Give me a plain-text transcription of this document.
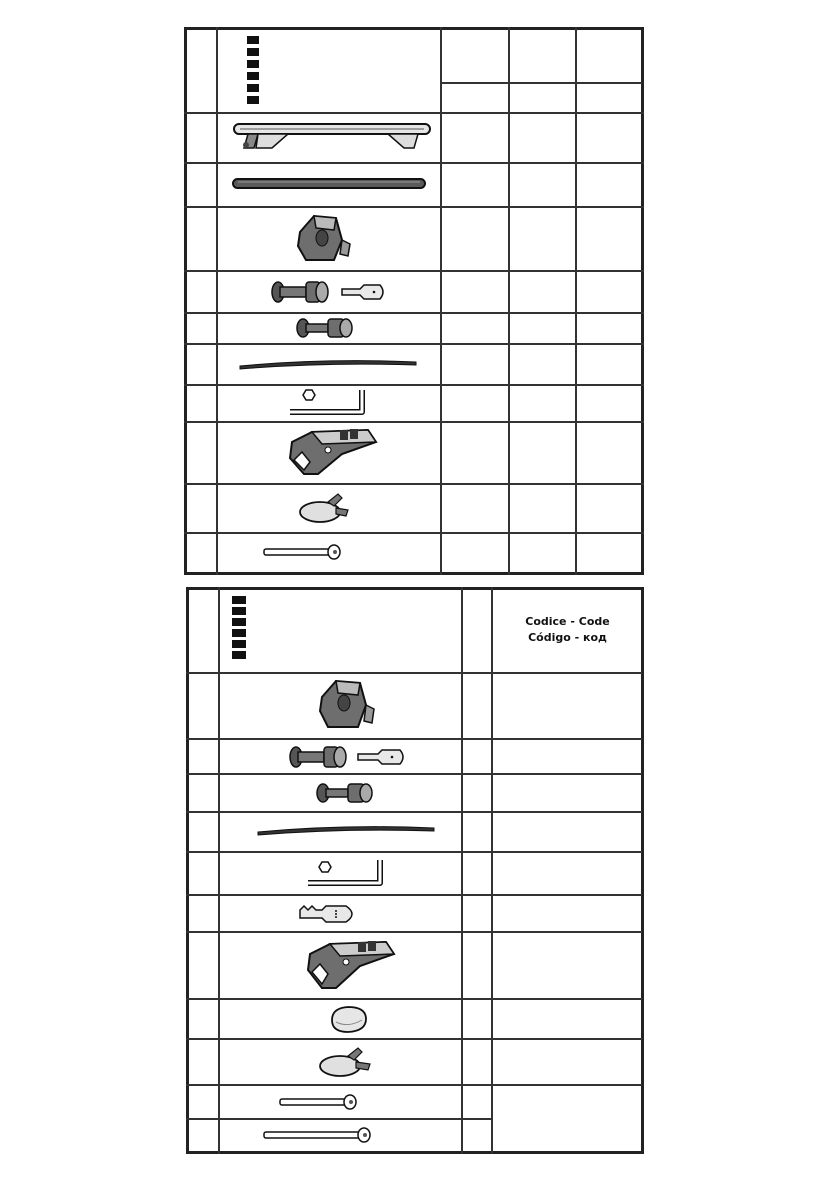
Codice - Code
Código - код
